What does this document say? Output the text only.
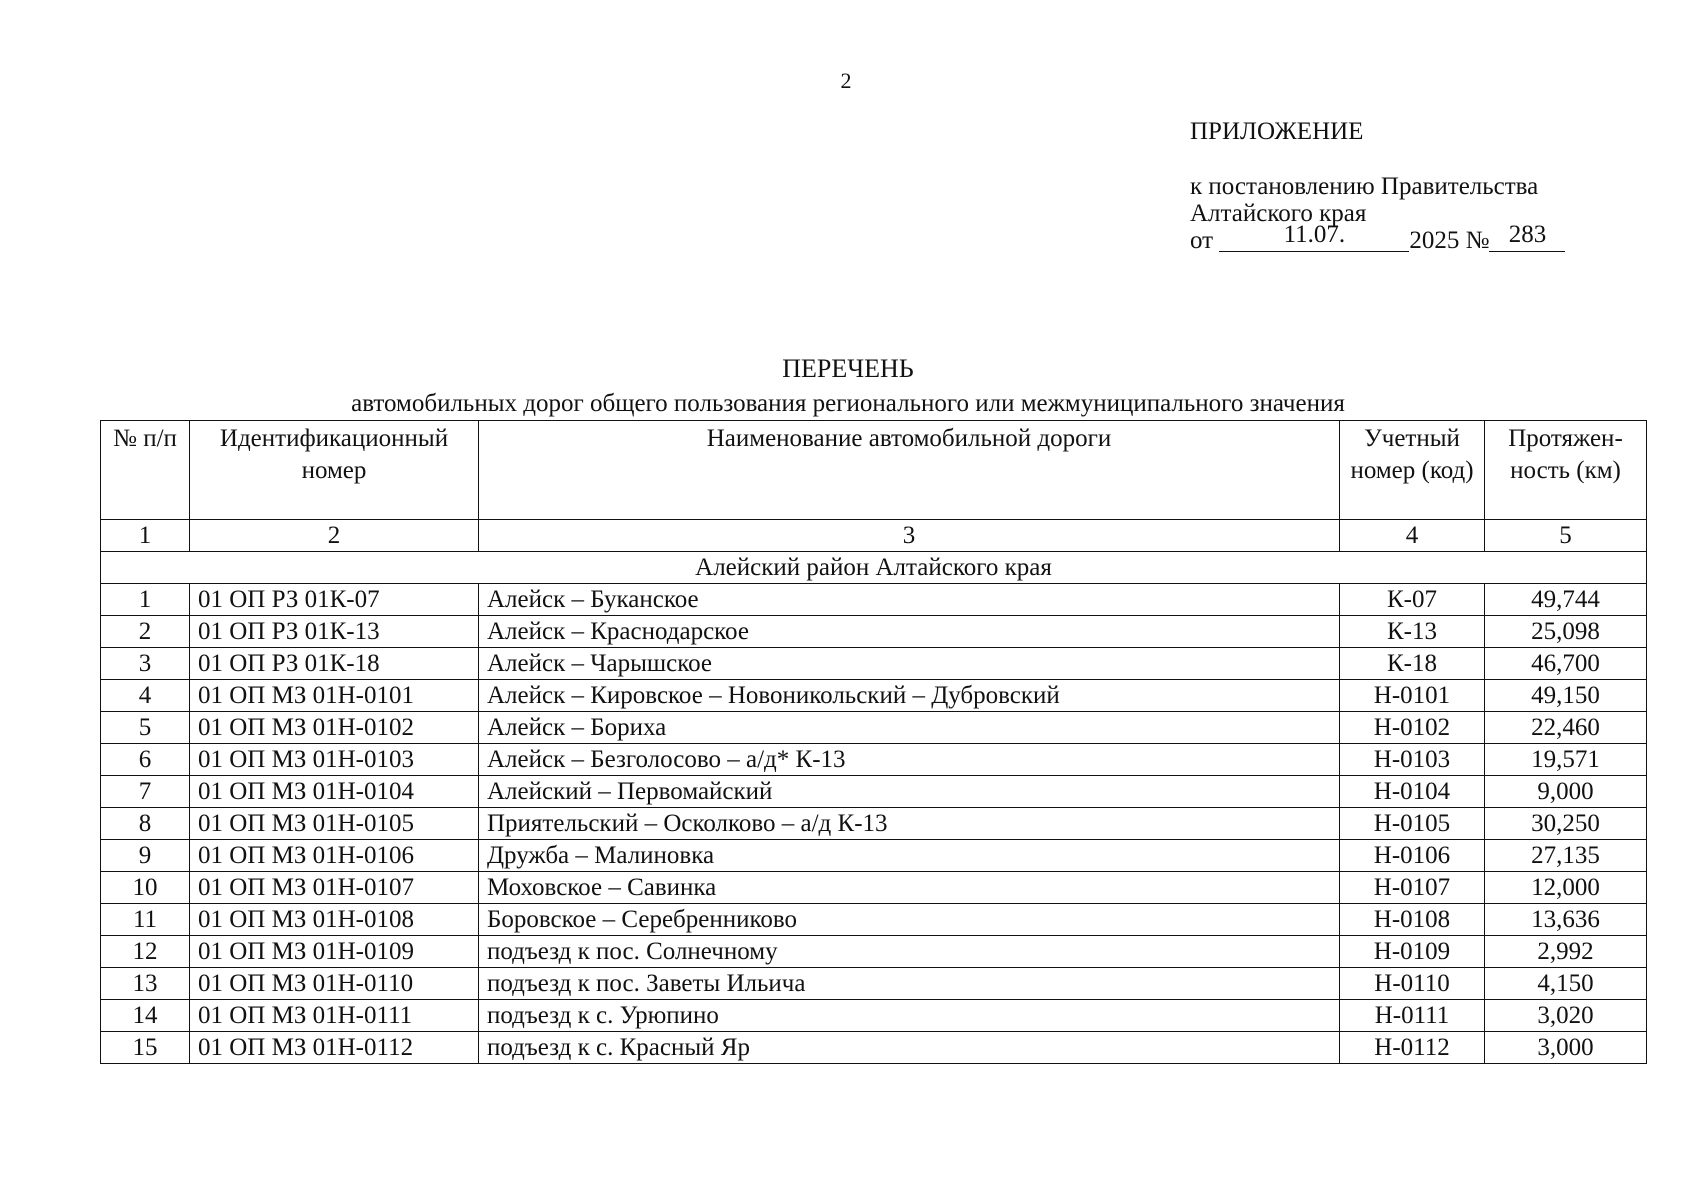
2
ПРИЛОЖЕНИЕ
к постановлению Правительства
Алтайского края
от	11.07.	2025 № 283
ПЕРЕЧЕНЬ
автомобильных дорог общего пользования регионального или межмуниципального значения
№ п/п	Идентификационный номер	Наименование автомобильной дороги	Учетный номер (код)	Протяжен-ность (км)
1	2	3	4	5
Алейский район Алтайского края				
1	01 ОП РЗ 01К-07	Алейск – Буканское	К-07	49,744
2	01 ОП РЗ 01К-13	Алейск – Краснодарское	К-13	25,098
3	01 ОП РЗ 01К-18	Алейск – Чарышское	К-18	46,700
4	01 ОП МЗ 01Н-0101	Алейск – Кировское – Новоникольский – Дубровский	Н-0101	49,150
5	01 ОП МЗ 01Н-0102	Алейск – Бориха	Н-0102	22,460
6	01 ОП МЗ 01Н-0103	Алейск – Безголосово – а/д* К-13	Н-0103	19,571
7	01 ОП МЗ 01Н-0104	Алейский – Первомайский	Н-0104	9,000
8	01 ОП МЗ 01Н-0105	Приятельский – Осколково – а/д К-13	Н-0105	30,250
9	01 ОП МЗ 01Н-0106	Дружба – Малиновка	Н-0106	27,135
10	01 ОП МЗ 01Н-0107	Моховское – Савинка	Н-0107	12,000
11	01 ОП МЗ 01Н-0108	Боровское – Серебренниково	Н-0108	13,636
12	01 ОП МЗ 01Н-0109	подъезд к пос. Солнечному	Н-0109	2,992
13	01 ОП МЗ 01Н-0110	подъезд к пос. Заветы Ильича	Н-0110	4,150
14	01 ОП МЗ 01Н-0111	подъезд к с. Урюпино	Н-0111	3,020
15	01 ОП МЗ 01Н-0112	подъезд к с. Красный Яр	Н-0112	3,000
